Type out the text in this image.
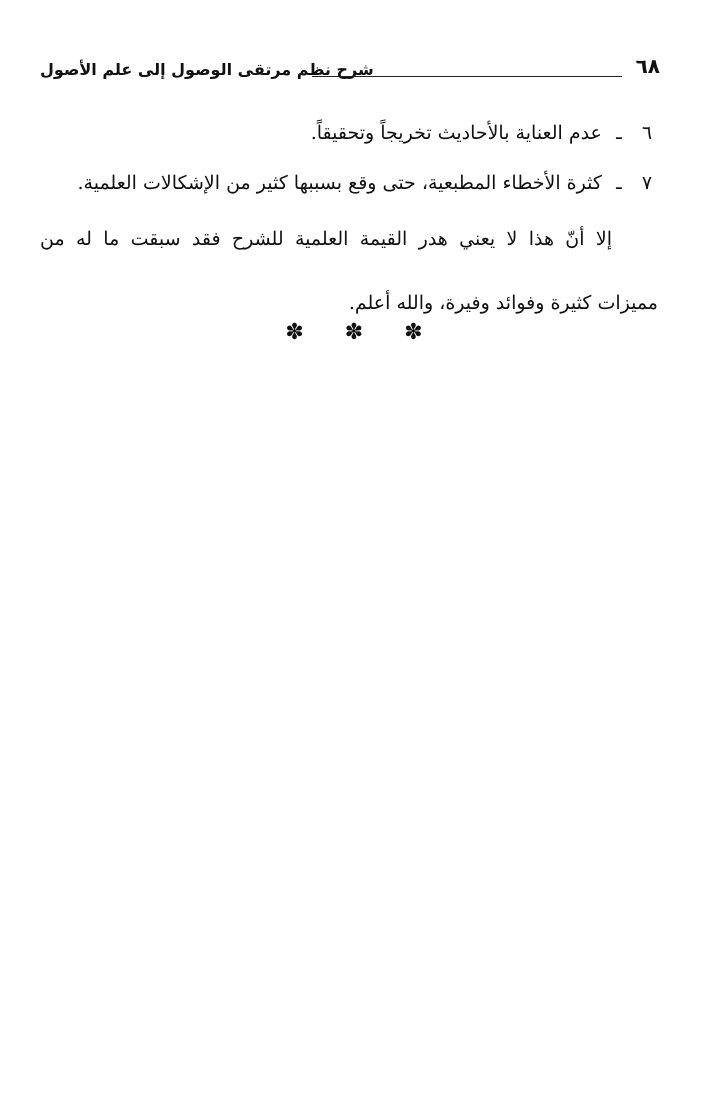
شرح نظم مرتقى الوصول إلى علم الأصول	٦٨
٦ ـ عدم العناية بالأحاديث تخريجاً وتحقيقاً.
٧ ـ كثرة الأخطاء المطبعية، حتى وقع بسببها كثير من الإشكالات العلمية.
إلا أنّ هذا لا يعني هدر القيمة العلمية للشرح فقد سبقت ما له من
مميزات كثيرة وفوائد وفيرة، والله أعلم.
✽ ✽ ✽
